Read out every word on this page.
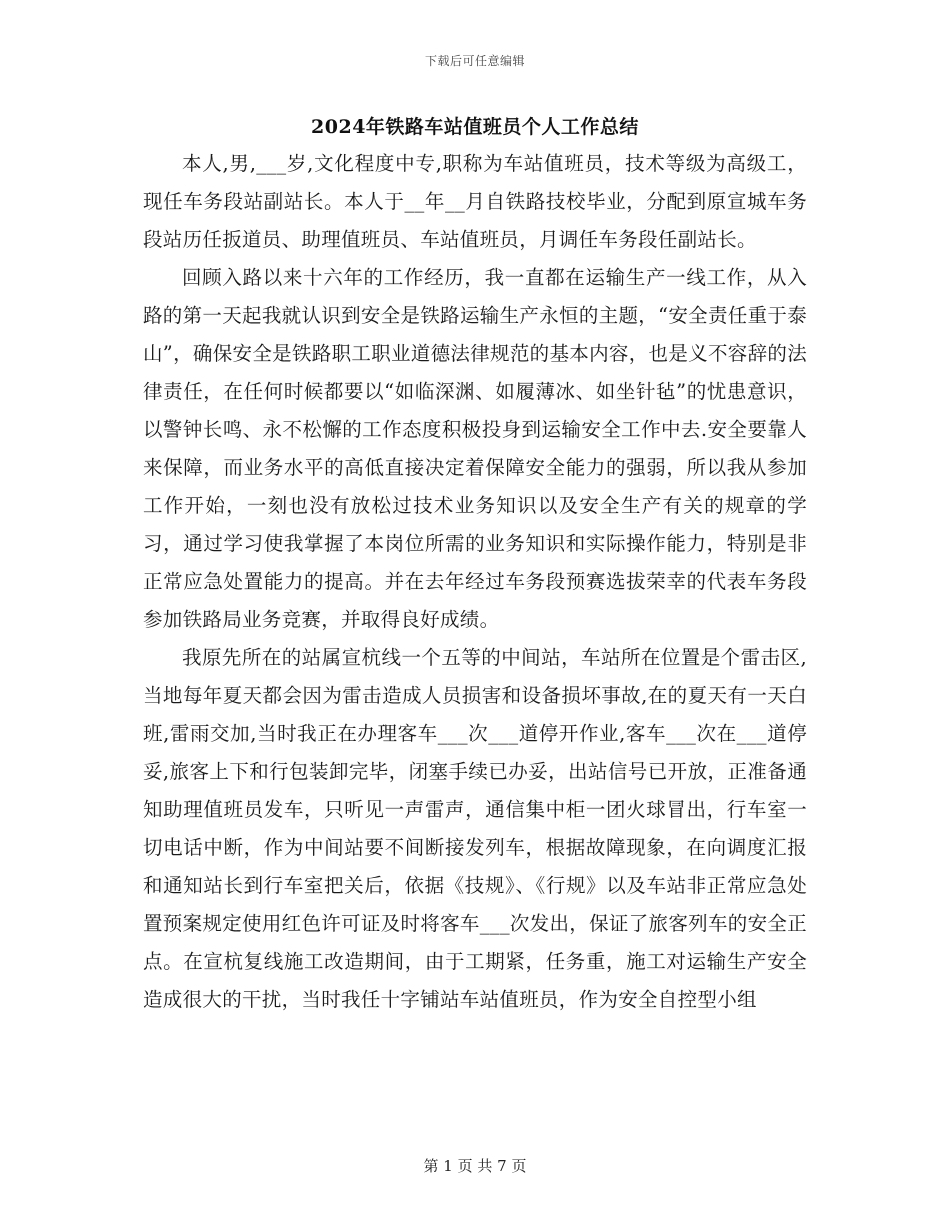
下载后可任意编辑
2024年铁路车站值班员个人工作总结

本人,男,___岁,文化程度中专,职称为车站值班员，技术等级为高级工，现任车务段站副站长。本人于__年__月自铁路技校毕业，分配到原宣城车务段站历任扳道员、助理值班员、车站值班员，月调任车务段任副站长。

回顾入路以来十六年的工作经历，我一直都在运输生产一线工作，从入路的第一天起我就认识到安全是铁路运输生产永恒的主题，“安全责任重于泰山”，确保安全是铁路职工职业道德法律规范的基本内容，也是义不容辞的法律责任，在任何时候都要以“如临深渊、如履薄冰、如坐针毡”的忧患意识，以警钟长鸣、永不松懈的工作态度积极投身到运输安全工作中去.安全要靠人来保障，而业务水平的高低直接决定着保障安全能力的强弱，所以我从参加工作开始，一刻也没有放松过技术业务知识以及安全生产有关的规章的学习，通过学习使我掌握了本岗位所需的业务知识和实际操作能力，特别是非正常应急处置能力的提高。并在去年经过车务段预赛选拔荣幸的代表车务段参加铁路局业务竞赛，并取得良好成绩。

我原先所在的站属宣杭线一个五等的中间站，车站所在位置是个雷击区,当地每年夏天都会因为雷击造成人员损害和设备损坏事故,在的夏天有一天白班,雷雨交加,当时我正在办理客车___次___道停开作业,客车___次在___道停妥,旅客上下和行包装卸完毕，闭塞手续已办妥，出站信号已开放，正准备通知助理值班员发车，只听见一声雷声，通信集中柜一团火球冒出，行车室一切电话中断，作为中间站要不间断接发列车，根据故障现象，在向调度汇报和通知站长到行车室把关后，依据《技规》、《行规》以及车站非正常应急处置预案规定使用红色许可证及时将客车___次发出，保证了旅客列车的安全正点。在宣杭复线施工改造期间，由于工期紧，任务重，施工对运输生产安全造成很大的干扰，当时我任十字铺站车站值班员，作为安全自控型小组

第 1 页 共 7 页
